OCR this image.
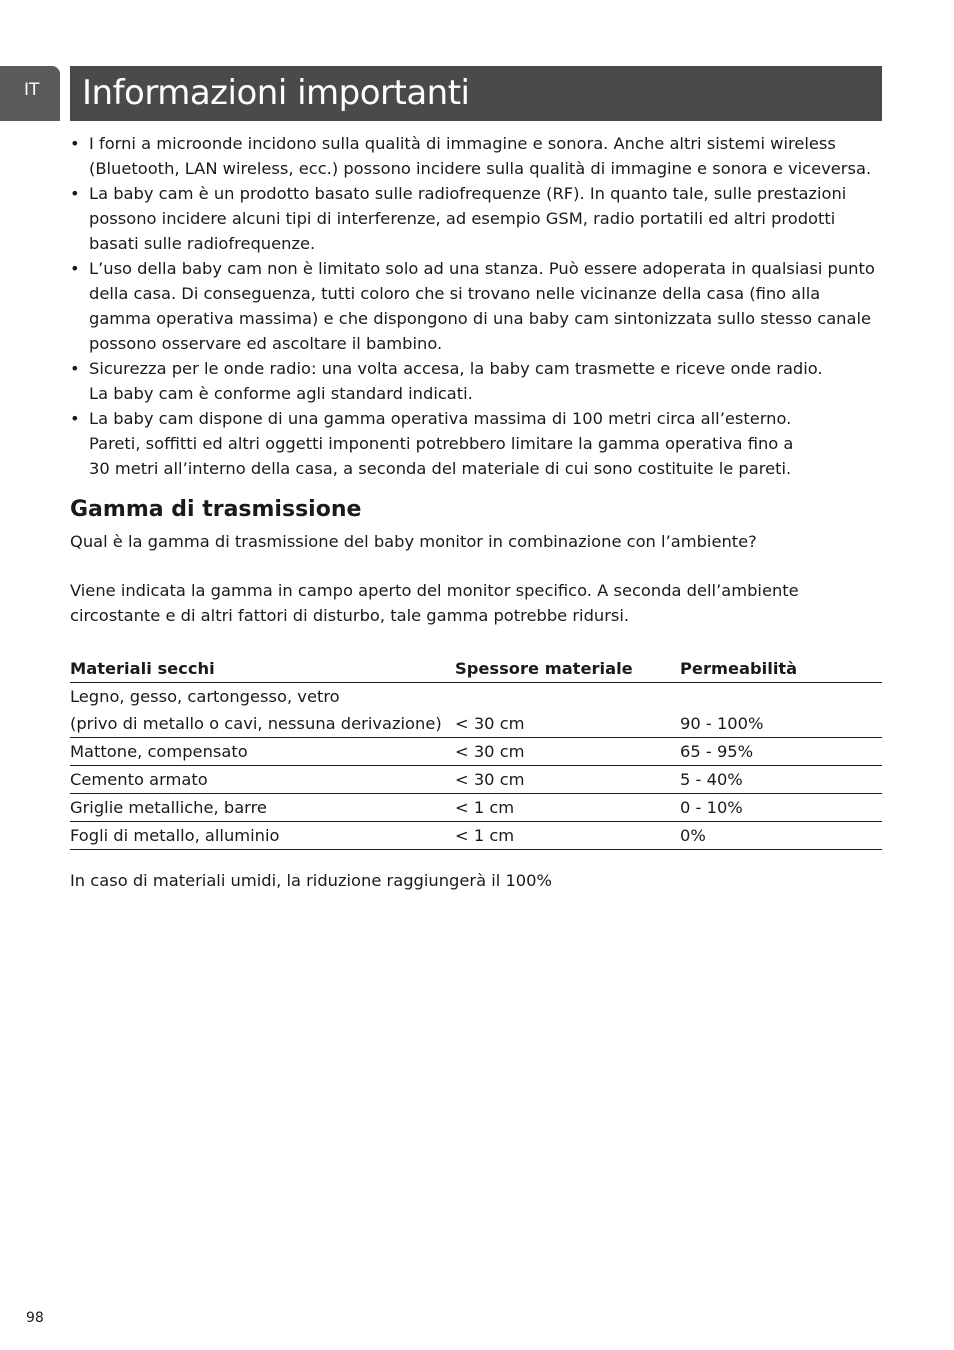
IT	Informazioni importanti
• I forni a microonde incidono sulla qualità di immagine e sonora. Anche altri sistemi wireless
(Bluetooth, LAN wireless, ecc.) possono incidere sulla qualità di immagine e sonora e viceversa.
• La baby cam è un prodotto basato sulle radiofrequenze (RF). In quanto tale, sulle prestazioni
possono incidere alcuni tipi di interferenze, ad esempio GSM, radio portatili ed altri prodotti
basati sulle radiofrequenze.
• L’uso della baby cam non è limitato solo ad una stanza. Può essere adoperata in qualsiasi punto
della casa. Di conseguenza, tutti coloro che si trovano nelle vicinanze della casa (fino alla
gamma operativa massima) e che dispongono di una baby cam sintonizzata sullo stesso canale
possono osservare ed ascoltare il bambino.
• Sicurezza per le onde radio: una volta accesa, la baby cam trasmette e riceve onde radio.
La baby cam è conforme agli standard indicati.
• La baby cam dispone di una gamma operativa massima di 100 metri circa all’esterno.
Pareti, soffitti ed altri oggetti imponenti potrebbero limitare la gamma operativa fino a
30 metri all’interno della casa, a seconda del materiale di cui sono costituite le pareti.
Gamma di trasmissione

Qual è la gamma di trasmissione del baby monitor in combinazione con l’ambiente?

Viene indicata la gamma in campo aperto del monitor specifico. A seconda dell’ambiente
circostante e di altri fattori di disturbo, tale gamma potrebbe ridursi.

Materiali secchi	Spessore materiale	Permeabilità
Legno, gesso, cartongesso, vetro
(privo di metallo o cavi, nessuna derivazione)	< 30 cm	90 - 100%
Mattone, compensato	< 30 cm	65 - 95%
Cemento armato	< 30 cm	5 - 40%
Griglie metalliche, barre	< 1 cm	0 - 10%
Fogli di metallo, alluminio	< 1 cm	0%

In caso di materiali umidi, la riduzione raggiungerà il 100%

98
